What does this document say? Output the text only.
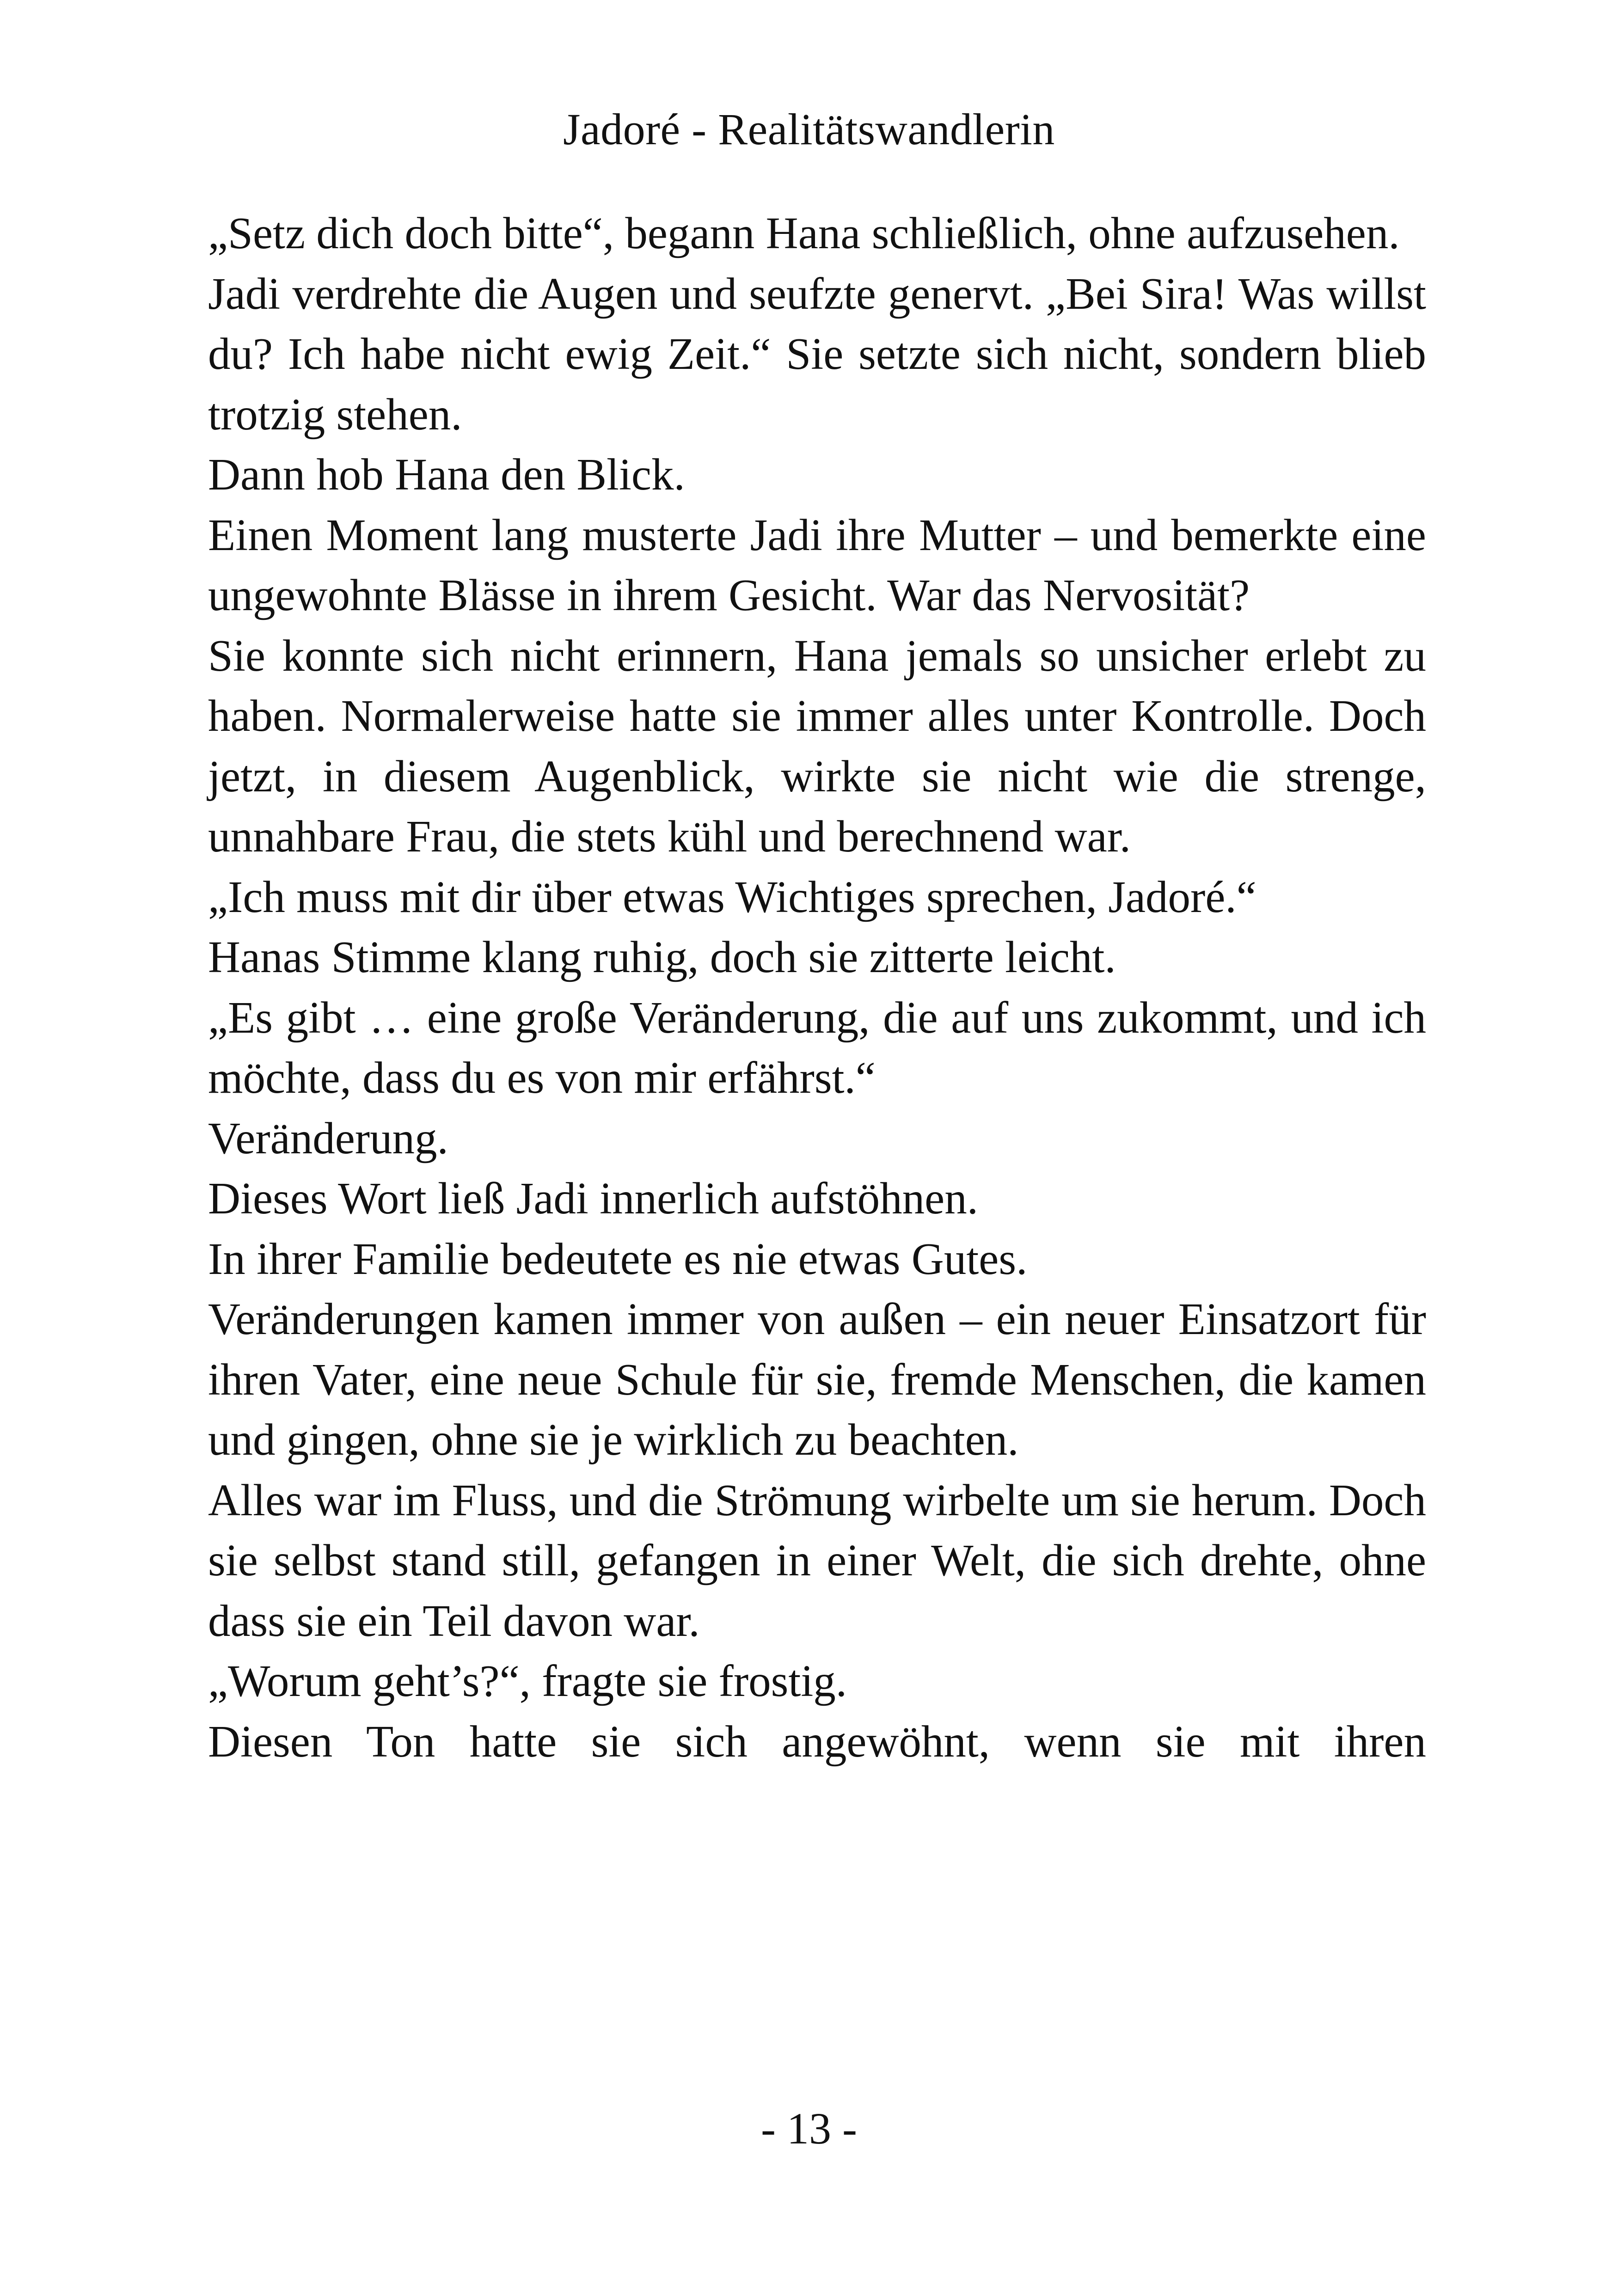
Jadoré - Realitätswandlerin

„Setz dich doch bitte“, begann Hana schließlich, ohne aufzusehen.

Jadi verdrehte die Augen und seufzte genervt. „Bei Sira! Was willst du? Ich habe nicht ewig Zeit.“ Sie setzte sich nicht, sondern blieb trotzig stehen.

Dann hob Hana den Blick.

Einen Moment lang musterte Jadi ihre Mutter – und bemerkte eine ungewohnte Blässe in ihrem Gesicht. War das Nervosität?

Sie konnte sich nicht erinnern, Hana jemals so unsicher erlebt zu haben. Normalerweise hatte sie immer alles unter Kontrolle. Doch jetzt, in diesem Augenblick, wirkte sie nicht wie die strenge, unnahbare Frau, die stets kühl und berechnend war.

„Ich muss mit dir über etwas Wichtiges sprechen, Jadoré.“

Hanas Stimme klang ruhig, doch sie zitterte leicht.

„Es gibt … eine große Veränderung, die auf uns zukommt, und ich möchte, dass du es von mir erfährst.“

Veränderung.

Dieses Wort ließ Jadi innerlich aufstöhnen.

In ihrer Familie bedeutete es nie etwas Gutes.

Veränderungen kamen immer von außen – ein neuer Einsatzort für ihren Vater, eine neue Schule für sie, fremde Menschen, die kamen und gingen, ohne sie je wirklich zu beachten.

Alles war im Fluss, und die Strömung wirbelte um sie herum. Doch sie selbst stand still, gefangen in einer Welt, die sich drehte, ohne dass sie ein Teil davon war.

„Worum geht’s?“, fragte sie frostig.

Diesen Ton hatte sie sich angewöhnt, wenn sie mit ihren

- 13 -
